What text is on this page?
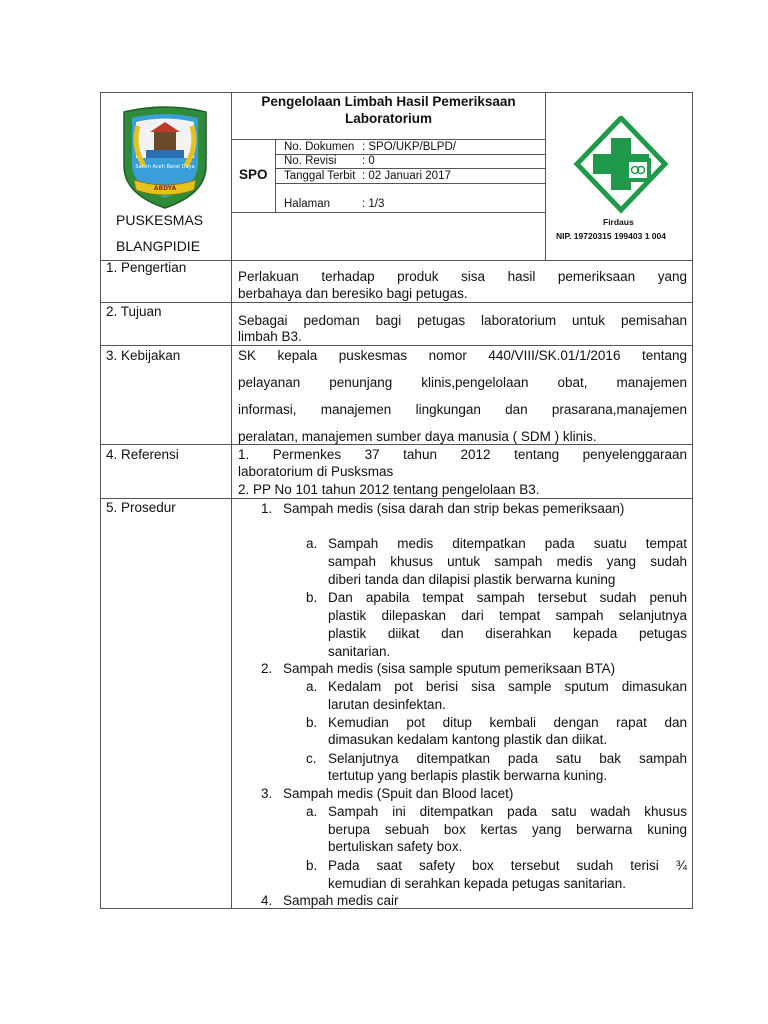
Salam Aceh Barat Daya
ABDYA
Pengelolaan Limbah Hasil Pemeriksaan Laboratorium
SPO
No. Dokumen : SPO/UKP/BLPD/
No. Revisi : 0
Tanggal Terbit : 02 Januari 2017
Halaman	: 1/3
PUSKESMAS
BLANGPIDIE
Firdaus
NIP. 19720315 199403 1 004
1. Pengertian
2. Tujuan
3. Kebijakan
4. Referensi
5. Prosedur
Perlakuan terhadap produk sisa hasil pemeriksaan yang
berbahaya dan beresiko bagi petugas.
Sebagai pedoman bagi petugas laboratorium untuk pemisahan
limbah B3.
SK kepala puskesmas nomor 440/VIII/SK.01/1/2016 tentang
pelayanan penunjang klinis,pengelolaan obat, manajemen
informasi, manajemen lingkungan dan prasarana,manajemen
peralatan, manajemen sumber daya manusia ( SDM ) klinis.
1. Permenkes 37 tahun 2012 tentang penyelenggaraan
laboratorium di Pusksmas
2. PP No 101 tahun 2012 tentang pengelolaan B3.
1. Sampah medis (sisa darah dan strip bekas pemeriksaan)
a. Sampah medis ditempatkan pada suatu tempat
sampah khusus untuk sampah medis yang sudah
diberi tanda dan dilapisi plastik berwarna kuning
b. Dan apabila tempat sampah tersebut sudah penuh
plastik dilepaskan dari tempat sampah selanjutnya
plastik diikat dan diserahkan kepada petugas
sanitarian.
2. Sampah medis (sisa sample sputum pemeriksaan BTA)
a. Kedalam pot berisi sisa sample sputum dimasukan
larutan desinfektan.
b. Kemudian pot ditup kembali dengan rapat dan
dimasukan kedalam kantong plastik dan diikat.
c. Selanjutnya ditempatkan pada satu bak sampah
tertutup yang berlapis plastik berwarna kuning.
3. Sampah medis (Spuit dan Blood lacet)
a. Sampah ini ditempatkan pada satu wadah khusus
berupa sebuah box kertas yang berwarna kuning
bertuliskan safety box.
b. Pada saat safety box tersebut sudah terisi ¾
kemudian di serahkan kepada petugas sanitarian.
4. Sampah medis cair
